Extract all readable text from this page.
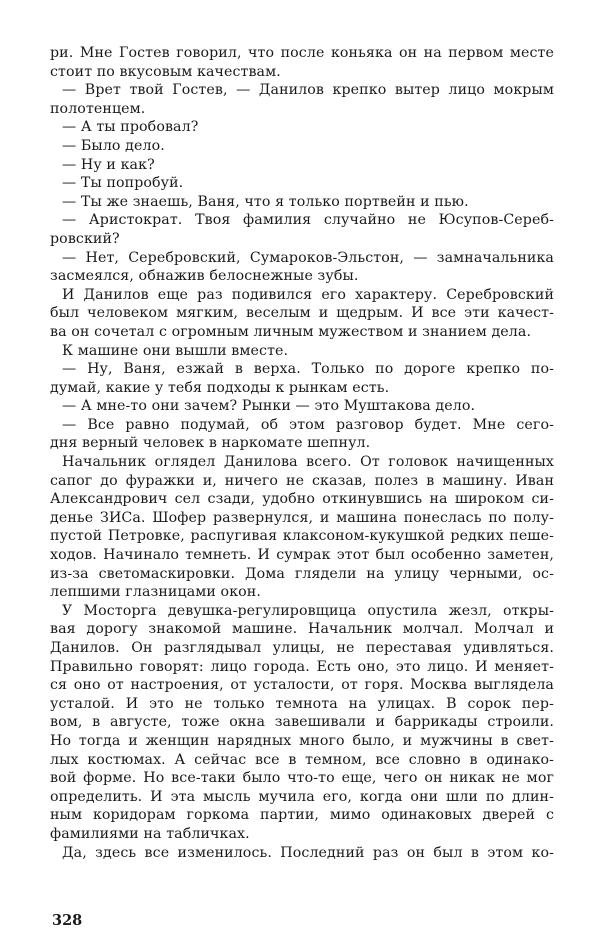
ри. Мне Гостев говорил, что после коньяка он на первом месте
стоит по вкусовым качествам.
— Врет твой Гостев, — Данилов крепко вытер лицо мокрым
полотенцем.
— А ты пробовал?
— Было дело.
— Ну и как?
— Ты попробуй.
— Ты же знаешь, Ваня, что я только портвейн и пью.
— Аристократ. Твоя фамилия случайно не Юсупов-Сереб-
ровский?
— Нет, Серебровский, Сумароков-Эльстон, — замначальника
засмеялся, обнажив белоснежные зубы.
И Данилов еще раз подивился его характеру. Серебровский
был человеком мягким, веселым и щедрым. И все эти качест-
ва он сочетал с огромным личным мужеством и знанием дела.
К машине они вышли вместе.
— Ну, Ваня, езжай в верха. Только по дороге крепко по-
думай, какие у тебя подходы к рынкам есть.
— А мне-то они зачем? Рынки — это Муштакова дело.
— Все равно подумай, об этом разговор будет. Мне сего-
дня верный человек в наркомате шепнул.
Начальник оглядел Данилова всего. От головок начищенных
сапог до фуражки и, ничего не сказав, полез в машину. Иван
Александрович сел сзади, удобно откинувшись на широком си-
денье ЗИСа. Шофер развернулся, и машина понеслась по полу-
пустой Петровке, распугивая клаксоном-кукушкой редких пеше-
ходов. Начинало темнеть. И сумрак этот был особенно заметен,
из-за светомаскировки. Дома глядели на улицу черными, ос-
лепшими глазницами окон.
У Мосторга девушка-регулировщица опустила жезл, откры-
вая дорогу знакомой машине. Начальник молчал. Молчал и
Данилов. Он разглядывал улицы, не переставая удивляться.
Правильно говорят: лицо города. Есть оно, это лицо. И меняет-
ся оно от настроения, от усталости, от горя. Москва выглядела
усталой. И это не только темнота на улицах. В сорок пер-
вом, в августе, тоже окна завешивали и баррикады строили.
Но тогда и женщин нарядных много было, и мужчины в свет-
лых костюмах. А сейчас все в темном, все словно в одинако-
вой форме. Но все-таки было что-то еще, чего он никак не мог
определить. И эта мысль мучила его, когда они шли по длин-
ным коридорам горкома партии, мимо одинаковых дверей с
фамилиями на табличках.
Да, здесь все изменилось. Последний раз он был в этом ко-
328
